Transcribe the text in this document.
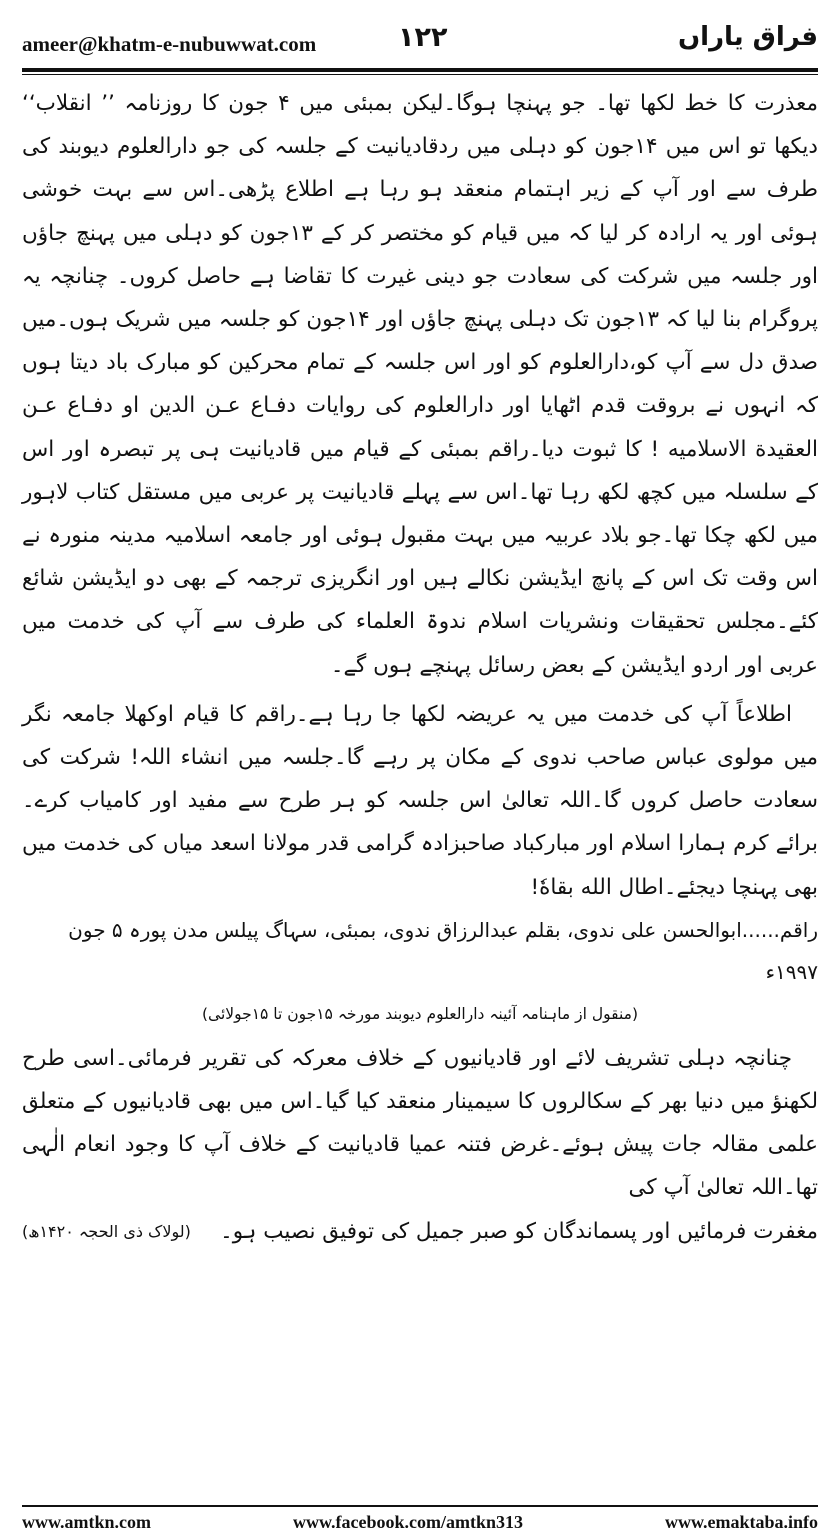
ameer@khatm-e-nubuwwat.com	۱۲۲	فراق یاراں

معذرت کا خط لکھا تھا۔ جو پہنچا ہوگا۔لیکن بمبئی میں ۴ جون کا روزنامہ ’’ انقلاب‘‘ دیکھا تو اس میں ۱۴جون کو دہلی میں ردقادیانیت کے جلسہ کی جو دارالعلوم دیوبند کی طرف سے اور آپ کے زیر اہتمام منعقد ہو رہا ہے اطلاع پڑھی۔اس سے بہت خوشی ہوئی اور یہ ارادہ کر لیا کہ میں قیام کو مختصر کر کے ۱۳جون کو دہلی میں پہنچ جاؤں اور جلسہ میں شرکت کی سعادت جو دینی غیرت کا تقاضا ہے حاصل کروں۔ چنانچہ یہ پروگرام بنا لیا کہ ۱۳جون تک دہلی پہنچ جاؤں اور ۱۴جون کو جلسہ میں شریک ہوں۔میں صدق دل سے آپ کو،دارالعلوم کو اور اس جلسہ کے تمام محرکین کو مبارک باد دیتا ہوں کہ انہوں نے بروقت قدم اٹھایا اور دارالعلوم کی روایات دفـاع عـن الدين او دفـاع عـن العقيدة الاسلاميه ! کا ثبوت دیا۔راقم بمبئی کے قیام میں قادیانیت ہی پر تبصرہ اور اس کے سلسلہ میں کچھ لکھ رہا تھا۔اس سے پہلے قادیانیت پر عربی میں مستقل کتاب لاہور میں لکھ چکا تھا۔جو بلاد عربیہ میں بہت مقبول ہوئی اور جامعہ اسلامیہ مدینہ منورہ نے اس وقت تک اس کے پانچ ایڈیشن نکالے ہیں اور انگریزی ترجمہ کے بھی دو ایڈیشن شائع کئے۔مجلس تحقیقات ونشریات اسلام ندوۃ العلماء کی طرف سے آپ کی خدمت میں عربی اور اردو ایڈیشن کے بعض رسائل پہنچے ہوں گے۔

اطلاعاً آپ کی خدمت میں یہ عریضہ لکھا جا رہا ہے۔راقم کا قیام اوکھلا جامعہ نگر میں مولوی عباس صاحب ندوی کے مکان پر رہے گا۔جلسہ میں انشاء اللہ! شرکت کی سعادت حاصل کروں گا۔اللہ تعالیٰ اس جلسہ کو ہر طرح سے مفید اور کامیاب کرے۔ برائے کرم ہمارا اسلام اور مبارکباد صاحبزادہ گرامی قدر مولانا اسعد میاں کی خدمت میں بھی پہنچا دیجئے۔اطال الله بقاهٗ!

راقم......ابوالحسن علی ندوی، بقلم عبدالرزاق ندوی، بمبئی، سہاگ پیلس مدن پورہ ۵ جون ۱۹۹۷ء

(منقول از ماہنامہ آئینہ دارالعلوم دیوبند مورخہ ۱۵جون تا ۱۵جولائی)

چنانچہ دہلی تشریف لائے اور قادیانیوں کے خلاف معرکہ کی تقریر فرمائی۔اسی طرح لکھنؤ میں دنیا بھر کے سکالروں کا سیمینار منعقد کیا گیا۔اس میں بھی قادیانیوں کے متعلق علمی مقالہ جات پیش ہوئے۔غرض فتنہ عمیا قادیانیت کے خلاف آپ کا وجود انعام الٰہی تھا۔اللہ تعالیٰ آپ کی

مغفرت فرمائیں اور پسماندگان کو صبر جمیل کی توفیق نصیب ہو۔
(لولاک ذی الحجہ ۱۴۲۰ھ)
www.amtkn.com	www.facebook.com/amtkn313	www.emaktaba.info
